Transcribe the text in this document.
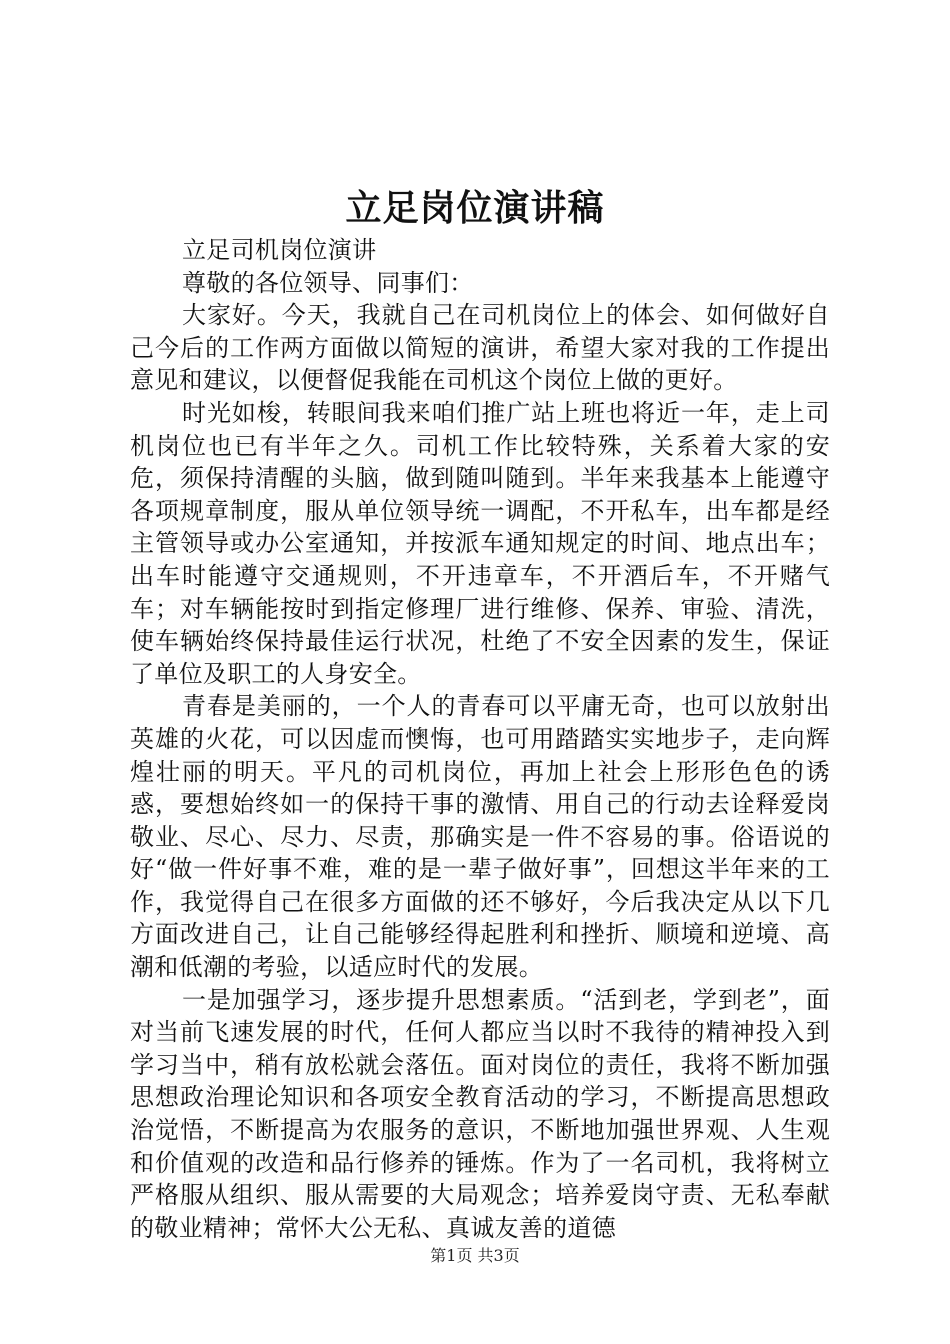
立足岗位演讲稿

立足司机岗位演讲

尊敬的各位领导、同事们：

大家好。今天，我就自己在司机岗位上的体会、如何做好自己今后的工作两方面做以简短的演讲，希望大家对我的工作提出意见和建议，以便督促我能在司机这个岗位上做的更好。

时光如梭，转眼间我来咱们推广站上班也将近一年，走上司机岗位也已有半年之久。司机工作比较特殊，关系着大家的安危，须保持清醒的头脑，做到随叫随到。半年来我基本上能遵守各项规章制度，服从单位领导统一调配，不开私车，出车都是经主管领导或办公室通知，并按派车通知规定的时间、地点出车；出车时能遵守交通规则，不开违章车，不开酒后车，不开赌气车；对车辆能按时到指定修理厂进行维修、保养、审验、清洗，使车辆始终保持最佳运行状况，杜绝了不安全因素的发生，保证了单位及职工的人身安全。

青春是美丽的，一个人的青春可以平庸无奇，也可以放射出英雄的火花，可以因虚而懊悔，也可用踏踏实实地步子，走向辉煌壮丽的明天。平凡的司机岗位，再加上社会上形形色色的诱惑，要想始终如一的保持干事的激情、用自己的行动去诠释爱岗敬业、尽心、尽力、尽责，那确实是一件不容易的事。俗语说的好“做一件好事不难，难的是一辈子做好事”，回想这半年来的工作，我觉得自己在很多方面做的还不够好，今后我决定从以下几方面改进自己，让自己能够经得起胜利和挫折、顺境和逆境、高潮和低潮的考验，以适应时代的发展。

一是加强学习，逐步提升思想素质。“活到老，学到老”，面对当前飞速发展的时代，任何人都应当以时不我待的精神投入到学习当中，稍有放松就会落伍。面对岗位的责任，我将不断加强思想政治理论知识和各项安全教育活动的学习，不断提高思想政治觉悟，不断提高为农服务的意识，不断地加强世界观、人生观和价值观的改造和品行修养的锤炼。作为了一名司机，我将树立严格服从组织、服从需要的大局观念；培养爱岗守责、无私奉献的敬业精神；常怀大公无私、真诚友善的道德

第1页 共3页
